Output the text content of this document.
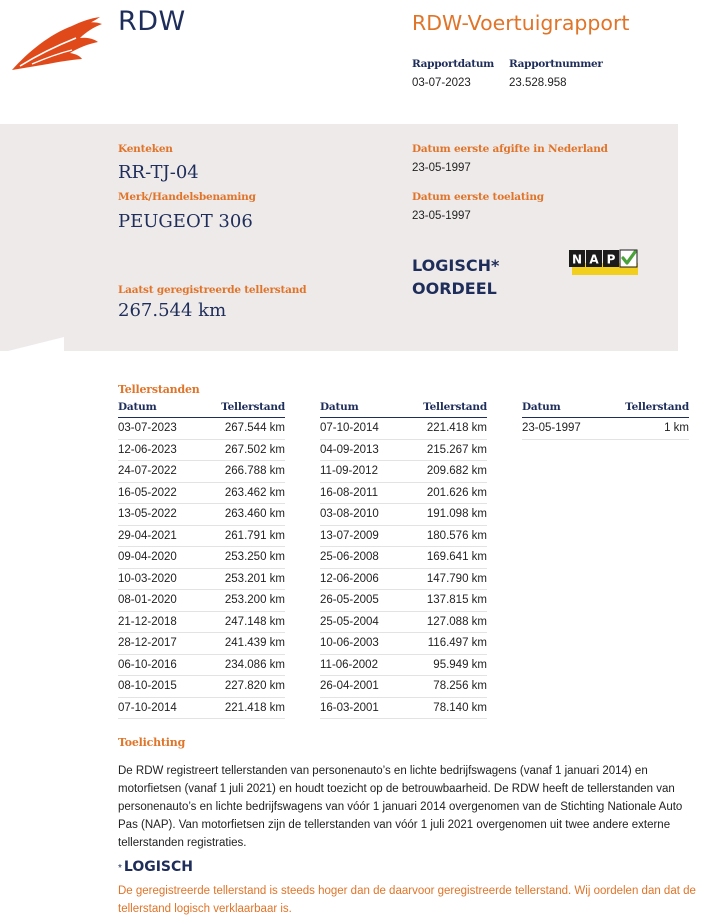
RDW	RDW-Voertuigrapport
Rapportdatum
03-07-2023
Rapportnummer
23.528.958
Kenteken
RR-TJ-04
Merk/Handelsbenaming
PEUGEOT 306
Datum eerste afgifte in Nederland
23-05-1997
Datum eerste toelating
23-05-1997
Laatst geregistreerde tellerstand
267.544 km
LOGISCH*
OORDEEL
N A P
Tellerstanden
Datum	Tellerstand
03-07-2023	267.544 km
12-06-2023	267.502 km
24-07-2022	266.788 km
16-05-2022	263.462 km
13-05-2022	263.460 km
29-04-2021	261.791 km
09-04-2020	253.250 km
10-03-2020	253.201 km
08-01-2020	253.200 km
21-12-2018	247.148 km
28-12-2017	241.439 km
06-10-2016	234.086 km
08-10-2015	227.820 km
07-10-2014	221.418 km
Datum	Tellerstand
07-10-2014	221.418 km
04-09-2013	215.267 km
11-09-2012	209.682 km
16-08-2011	201.626 km
03-08-2010	191.098 km
13-07-2009	180.576 km
25-06-2008	169.641 km
12-06-2006	147.790 km
26-05-2005	137.815 km
25-05-2004	127.088 km
10-06-2003	116.497 km
11-06-2002	95.949 km
26-04-2001	78.256 km
16-03-2001	78.140 km
Datum	Tellerstand
23-05-1997	1 km
Toelichting
De RDW registreert tellerstanden van personenauto’s en lichte bedrijfswagens (vanaf 1 januari 2014) en motorfietsen (vanaf 1 juli 2021) en houdt toezicht op de betrouwbaarheid. De RDW heeft de tellerstanden van personenauto’s en lichte bedrijfswagens van vóór 1 januari 2014 overgenomen van de Stichting Nationale Auto Pas (NAP). Van motorfietsen zijn de tellerstanden van vóór 1 juli 2021 overgenomen uit twee andere externe tellerstanden registraties.
* LOGISCH
De geregistreerde tellerstand is steeds hoger dan de daarvoor geregistreerde tellerstand. Wij oordelen dan dat de tellerstand logisch verklaarbaar is.
